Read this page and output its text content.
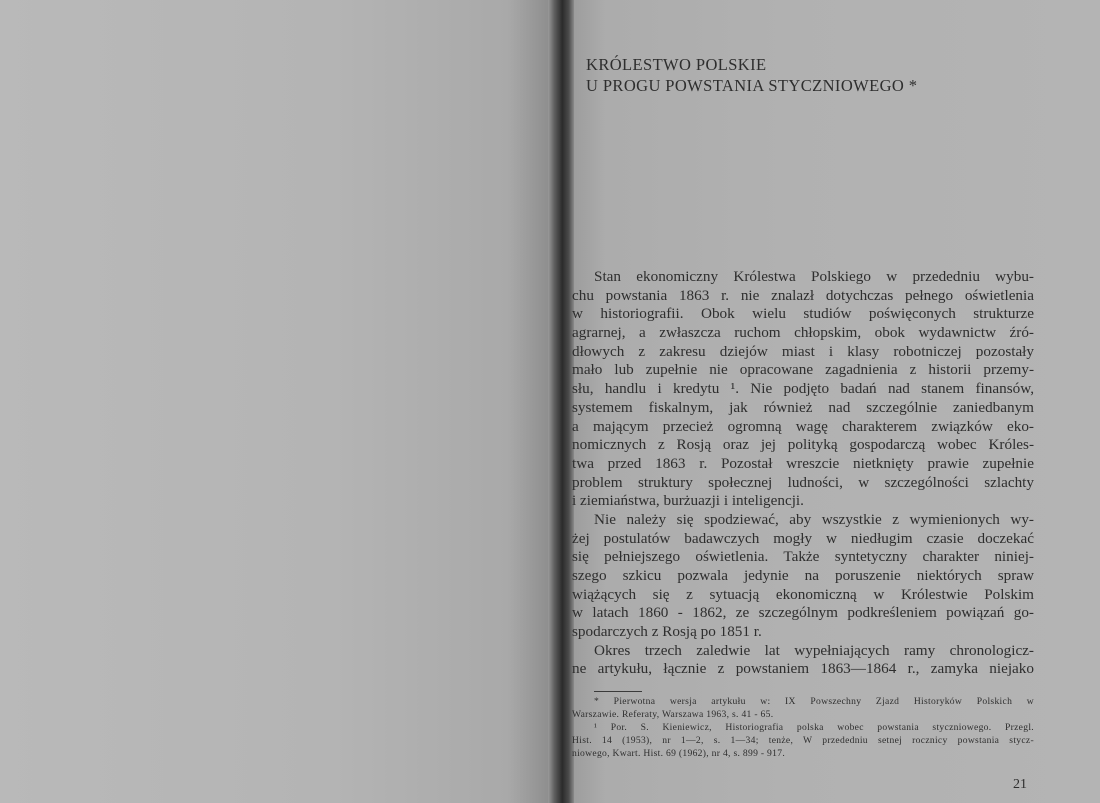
KRÓLESTWO POLSKIE
U PROGU POWSTANIA STYCZNIOWEGO *
Stan ekonomiczny Królestwa Polskiego w przededniu wybu-
chu powstania 1863 r. nie znalazł dotychczas pełnego oświetlenia
w historiografii. Obok wielu studiów poświęconych strukturze
agrarnej, a zwłaszcza ruchom chłopskim, obok wydawnictw źró-
dłowych z zakresu dziejów miast i klasy robotniczej pozostały
mało lub zupełnie nie opracowane zagadnienia z historii przemy-
słu, handlu i kredytu ¹. Nie podjęto badań nad stanem finansów,
systemem fiskalnym, jak również nad szczególnie zaniedbanym
a mającym przecież ogromną wagę charakterem związków eko-
nomicznych z Rosją oraz jej polityką gospodarczą wobec Króles-
twa przed 1863 r. Pozostał wreszcie nietknięty prawie zupełnie
problem struktury społecznej ludności, w szczególności szlachty
i ziemiaństwa, burżuazji i inteligencji.
Nie należy się spodziewać, aby wszystkie z wymienionych wy-
żej postulatów badawczych mogły w niedługim czasie doczekać
się pełniejszego oświetlenia. Także syntetyczny charakter niniej-
szego szkicu pozwala jedynie na poruszenie niektórych spraw
wiążących się z sytuacją ekonomiczną w Królestwie Polskim
w latach 1860 - 1862, ze szczególnym podkreśleniem powiązań go-
spodarczych z Rosją po 1851 r.
Okres trzech zaledwie lat wypełniających ramy chronologicz-
ne artykułu, łącznie z powstaniem 1863—1864 r., zamyka niejako
* Pierwotna wersja artykułu w: IX Powszechny Zjazd Historyków Polskich w
Warszawie. Referaty, Warszawa 1963, s. 41 - 65.
¹ Por. S. Kieniewicz, Historiografia polska wobec powstania styczniowego. Przegl.
Hist. 14 (1953), nr 1—2, s. 1—34; tenże, W przededniu setnej rocznicy powstania stycz-
niowego, Kwart. Hist. 69 (1962), nr 4, s. 899 - 917.
21
